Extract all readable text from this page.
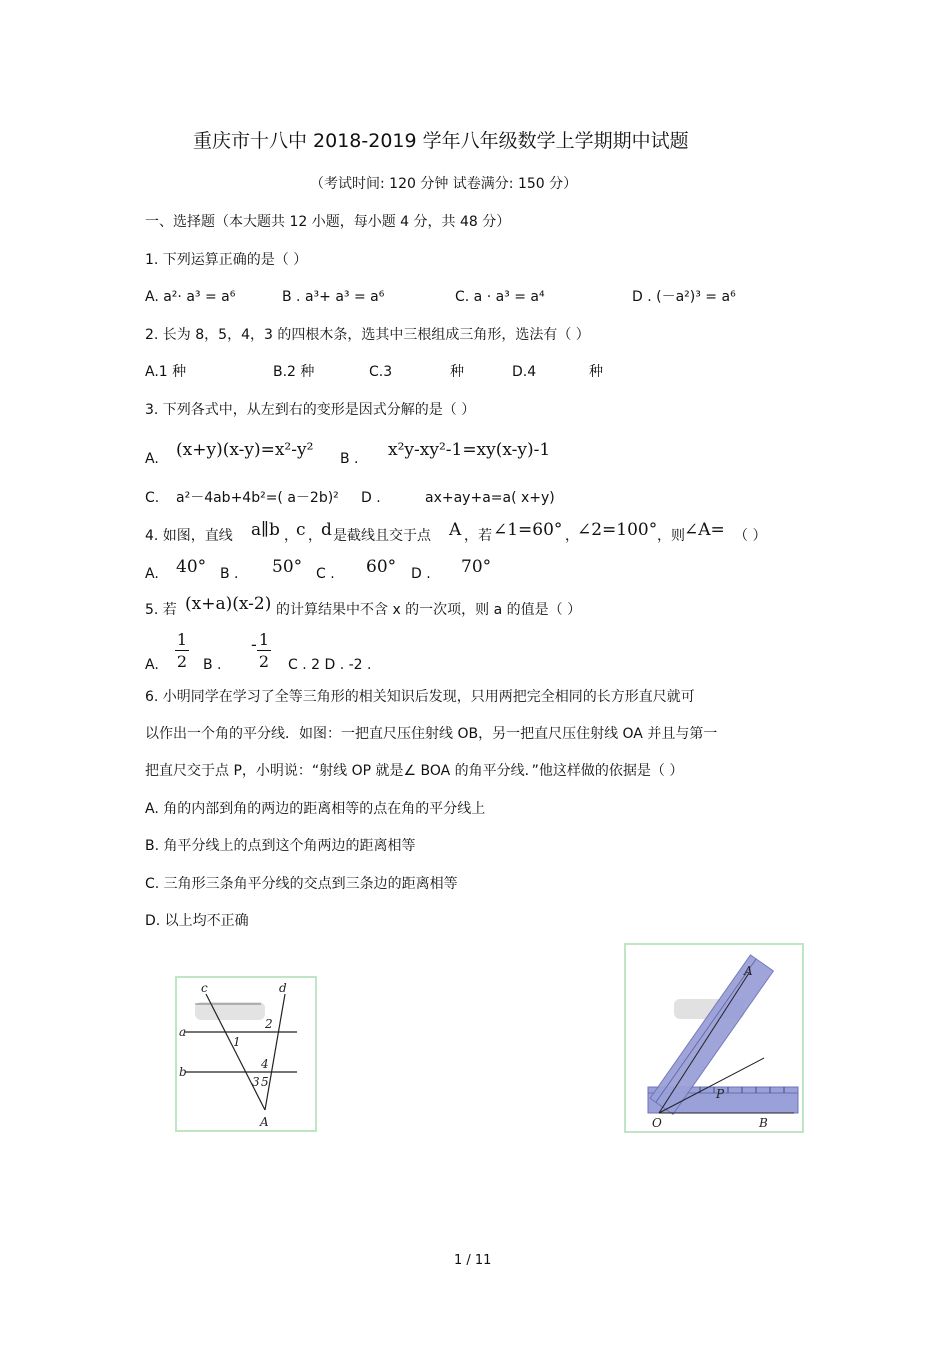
重庆市十八中 2018-2019 学年八年级数学上学期期中试题
（考试时间: 120 分钟 试卷满分: 150 分）
一、选择题（本大题共 12 小题，每小题 4 分，共 48 分）
1. 下列运算正确的是（ ）
A. a²· a³ = a⁶	B . a³+ a³ = a⁶	C. a · a³ = a⁴	D . (－a²)³ = a⁶
2. 长为 8，5，4，3 的四根木条，选其中三根组成三角形，选法有（ ）
A.1 种	B.2 种	C.3	种	D.4	种
3. 下列各式中，从左到右的变形是因式分解的是（ ）
A. (x+y)(x-y)=x²-y² B . x²y-xy²-1=xy(x-y)-1
C. a²－4ab+4b²=( a－2b)² D .	ax+ay+a=a( x+y)
4. 如图，直线 a∥b ，
c ， d 是截线且交于点 A ，若 ∠1=60° ，
∠2=100° ，则 ∠A= （ ）
A. 40° B . 50° C . 60° D . 70°
5. 若 (x+a)(x-2) 的计算结果中不含 x 的一次项，则 a 的值是（ ）
A.
1
2 B .
- 1
2 C . 2 D . -2 .
6. 小明同学在学习了全等三角形的相关知识后发现，只用两把完全相同的长方形直尺就可
以作出一个角的平分线．如图：一把直尺压住射线 OB，另一把直尺压住射线 OA 并且与第一
把直尺交于点 P，小明说：“射线 OP 就是∠ BOA 的角平分线．”他这样做的依据是（ ）
A. 角的内部到角的两边的距离相等的点在角的平分线上
B. 角平分线上的点到这个角两边的距离相等
C. 三角形三条角平分线的交点到三条边的距离相等
D. 以上均不正确
c	d
a
b
1
2
4
3 5
A
A
P
O	B
1 / 11
